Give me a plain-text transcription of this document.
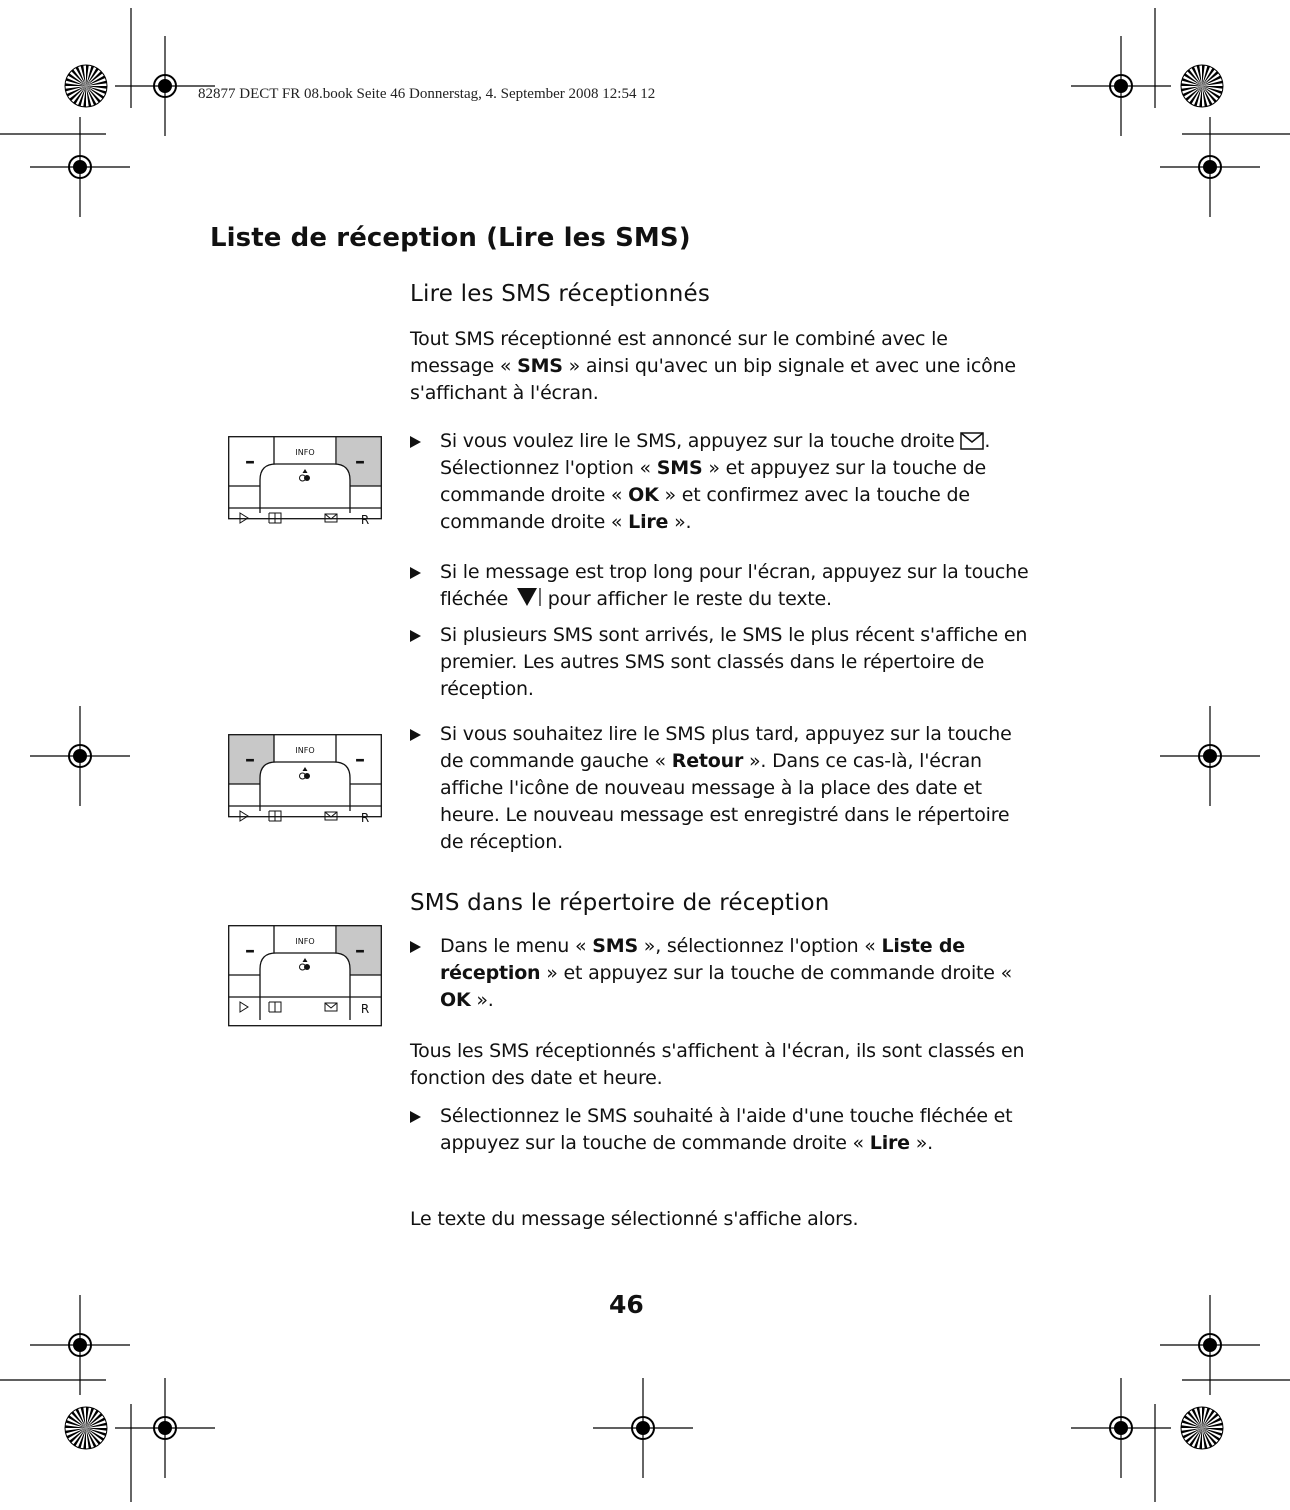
82877 DECT FR 08.book Seite 46 Donnerstag, 4. September 2008 12:54 12
Liste de réception (Lire les SMS)
Lire les SMS réceptionnés
Tout SMS réceptionné est annoncé sur le combiné avec le message « SMS » ainsi qu'avec un bip signale et avec une icône s'affichant à l'écran.
Si vous voulez lire le SMS, appuyez sur la touche droite . Sélectionnez l'option « SMS » et appuyez sur la touche de commande droite « OK » et confirmez avec la touche de commande droite « Lire ».
Si le message est trop long pour l'écran, appuyez sur la touche fléchée  pour afficher le reste du texte.
Si plusieurs SMS sont arrivés, le SMS le plus récent s'affiche en premier. Les autres SMS sont classés dans le répertoire de réception.
Si vous souhaitez lire le SMS plus tard, appuyez sur la touche de commande gauche « Retour ». Dans ce cas-là, l'écran affiche l'icône de nouveau message à la place des date et heure. Le nouveau message est enregistré dans le répertoire de réception.
SMS dans le répertoire de réception
Dans le menu « SMS », sélectionnez l'option « Liste de réception » et appuyez sur la touche de commande droite « OK ».
Tous les SMS réceptionnés s'affichent à l'écran, ils sont classés en fonction des date et heure.
Sélectionnez le SMS souhaité à l'aide d'une touche fléchée et appuyez sur la touche de commande droite « Lire ».
Le texte du message sélectionné s'affiche alors.
46
–	–
INFO
R
–	–
INFO
R
–	–
INFO
R
